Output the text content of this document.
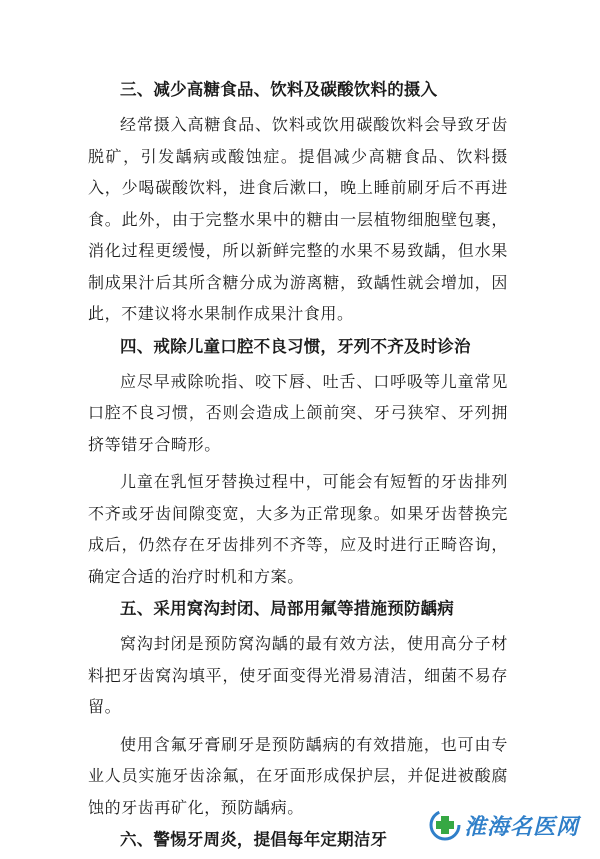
三、减少高糖食品、饮料及碳酸饮料的摄入

经常摄入高糖食品、饮料或饮用碳酸饮料会导致牙齿脱矿，引发龋病或酸蚀症。提倡减少高糖食品、饮料摄入，少喝碳酸饮料，进食后漱口，晚上睡前刷牙后不再进食。此外，由于完整水果中的糖由一层植物细胞壁包裹，消化过程更缓慢，所以新鲜完整的水果不易致龋，但水果制成果汁后其所含糖分成为游离糖，致龋性就会增加，因此，不建议将水果制作成果汁食用。

四、戒除儿童口腔不良习惯，牙列不齐及时诊治

应尽早戒除吮指、咬下唇、吐舌、口呼吸等儿童常见口腔不良习惯，否则会造成上颌前突、牙弓狭窄、牙列拥挤等错牙合畸形。

儿童在乳恒牙替换过程中，可能会有短暂的牙齿排列不齐或牙齿间隙变宽，大多为正常现象。如果牙齿替换完成后，仍然存在牙齿排列不齐等，应及时进行正畸咨询，确定合适的治疗时机和方案。

五、采用窝沟封闭、局部用氟等措施预防龋病

窝沟封闭是预防窝沟龋的最有效方法，使用高分子材料把牙齿窝沟填平，使牙面变得光滑易清洁，细菌不易存留。

使用含氟牙膏刷牙是预防龋病的有效措施，也可由专业人员实施牙齿涂氟，在牙面形成保护层，并促进被酸腐蚀的牙齿再矿化，预防龋病。

六、警惕牙周炎，提倡每年定期洁牙	淮海名医网
